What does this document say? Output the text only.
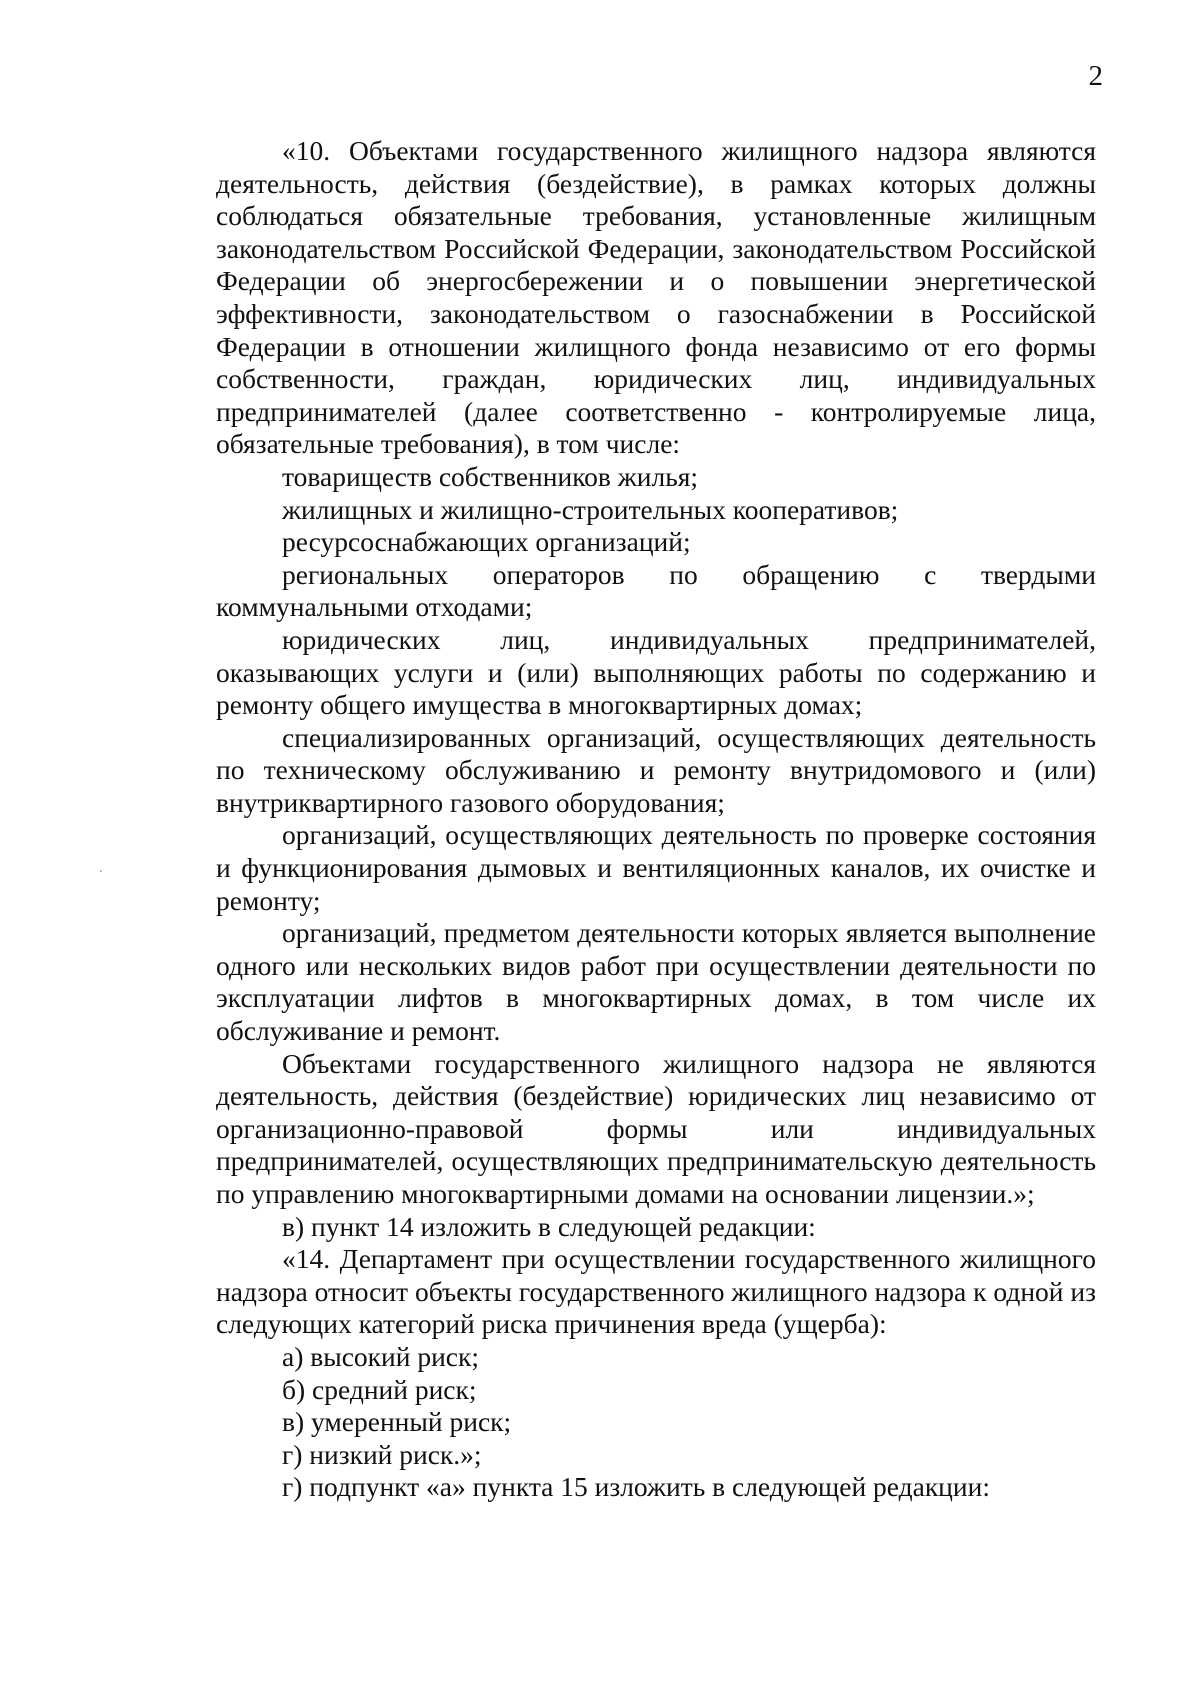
2

«10. Объектами государственного жилищного надзора являются деятельность, действия (бездействие), в рамках которых должны соблюдаться обязательные требования, установленные жилищным законодательством Российской Федерации, законодательством Российской Федерации об энергосбережении и о повышении энергетической эффективности, законодательством о газоснабжении в Российской Федерации в отношении жилищного фонда независимо от его формы собственности, граждан, юридических лиц, индивидуальных предпринимателей (далее соответственно - контролируемые лица, обязательные требования), в том числе:

товариществ собственников жилья;

жилищных и жилищно-строительных кооперативов;

ресурсоснабжающих организаций;

региональных операторов по обращению с твердыми коммунальными отходами;

юридических лиц, индивидуальных предпринимателей, оказывающих услуги и (или) выполняющих работы по содержанию и ремонту общего имущества в многоквартирных домах;

специализированных организаций, осуществляющих деятельность по техническому обслуживанию и ремонту внутридомового и (или) внутриквартирного газового оборудования;

организаций, осуществляющих деятельность по проверке состояния и функционирования дымовых и вентиляционных каналов, их очистке и ремонту;

организаций, предметом деятельности которых является выполнение одного или нескольких видов работ при осуществлении деятельности по эксплуатации лифтов в многоквартирных домах, в том числе их обслуживание и ремонт.

Объектами государственного жилищного надзора не являются деятельность, действия (бездействие) юридических лиц независимо от организационно-правовой формы или индивидуальных предпринимателей, осуществляющих предпринимательскую деятельность по управлению многоквартирными домами на основании лицензии.»;

в) пункт 14 изложить в следующей редакции:

«14. Департамент при осуществлении государственного жилищного надзора относит объекты государственного жилищного надзора к одной из следующих категорий риска причинения вреда (ущерба):

а) высокий риск;

б) средний риск;

в) умеренный риск;

г) низкий риск.»;

г) подпункт «а» пункта 15 изложить в следующей редакции:
